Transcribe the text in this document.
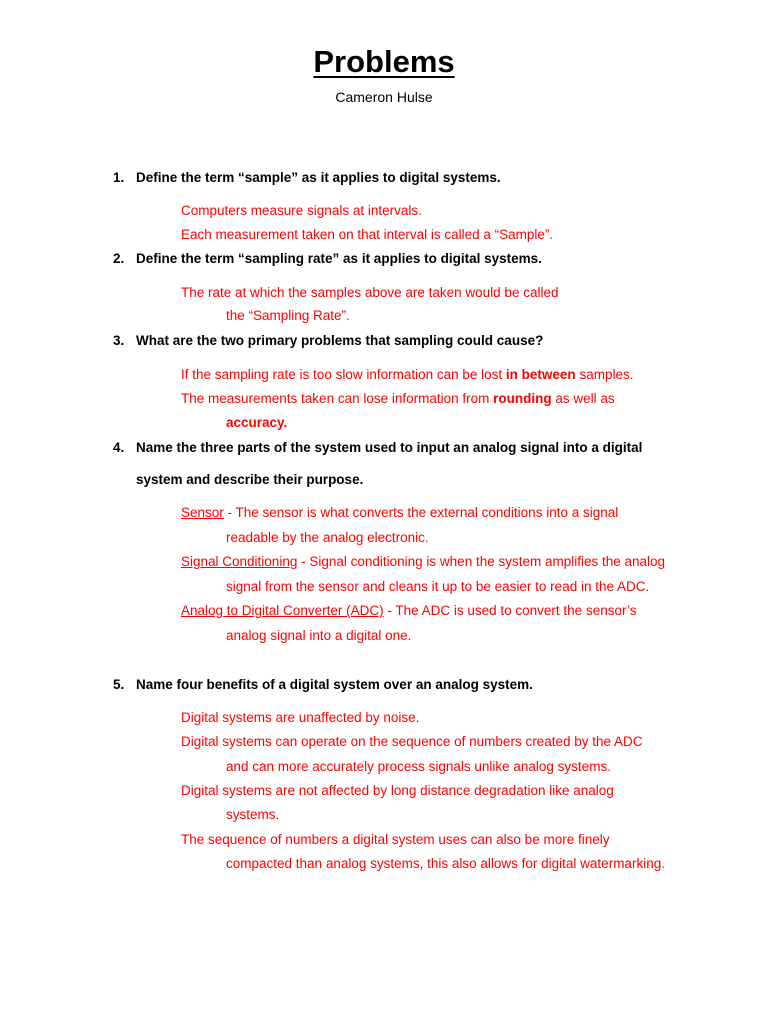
Problems
Cameron Hulse
1. Define the term “sample” as it applies to digital systems.
Computers measure signals at intervals.
Each measurement taken on that interval is called a “Sample”.
2. Define the term “sampling rate” as it applies to digital systems.
The rate at which the samples above are taken would be called
the “Sampling Rate”.
3. What are the two primary problems that sampling could cause?
If the sampling rate is too slow information can be lost in between samples.
The measurements taken can lose information from rounding as well as
accuracy.
4. Name the three parts of the system used to input an analog signal into a digital
system and describe their purpose.
Sensor - The sensor is what converts the external conditions into a signal
readable by the analog electronic.
Signal Conditioning - Signal conditioning is when the system amplifies the analog
signal from the sensor and cleans it up to be easier to read in the ADC.
Analog to Digital Converter (ADC) - The ADC is used to convert the sensor’s
analog signal into a digital one.
5. Name four benefits of a digital system over an analog system.
Digital systems are unaffected by noise.
Digital systems can operate on the sequence of numbers created by the ADC
and can more accurately process signals unlike analog systems.
Digital systems are not affected by long distance degradation like analog
systems.
The sequence of numbers a digital system uses can also be more finely
compacted than analog systems, this also allows for digital watermarking.
